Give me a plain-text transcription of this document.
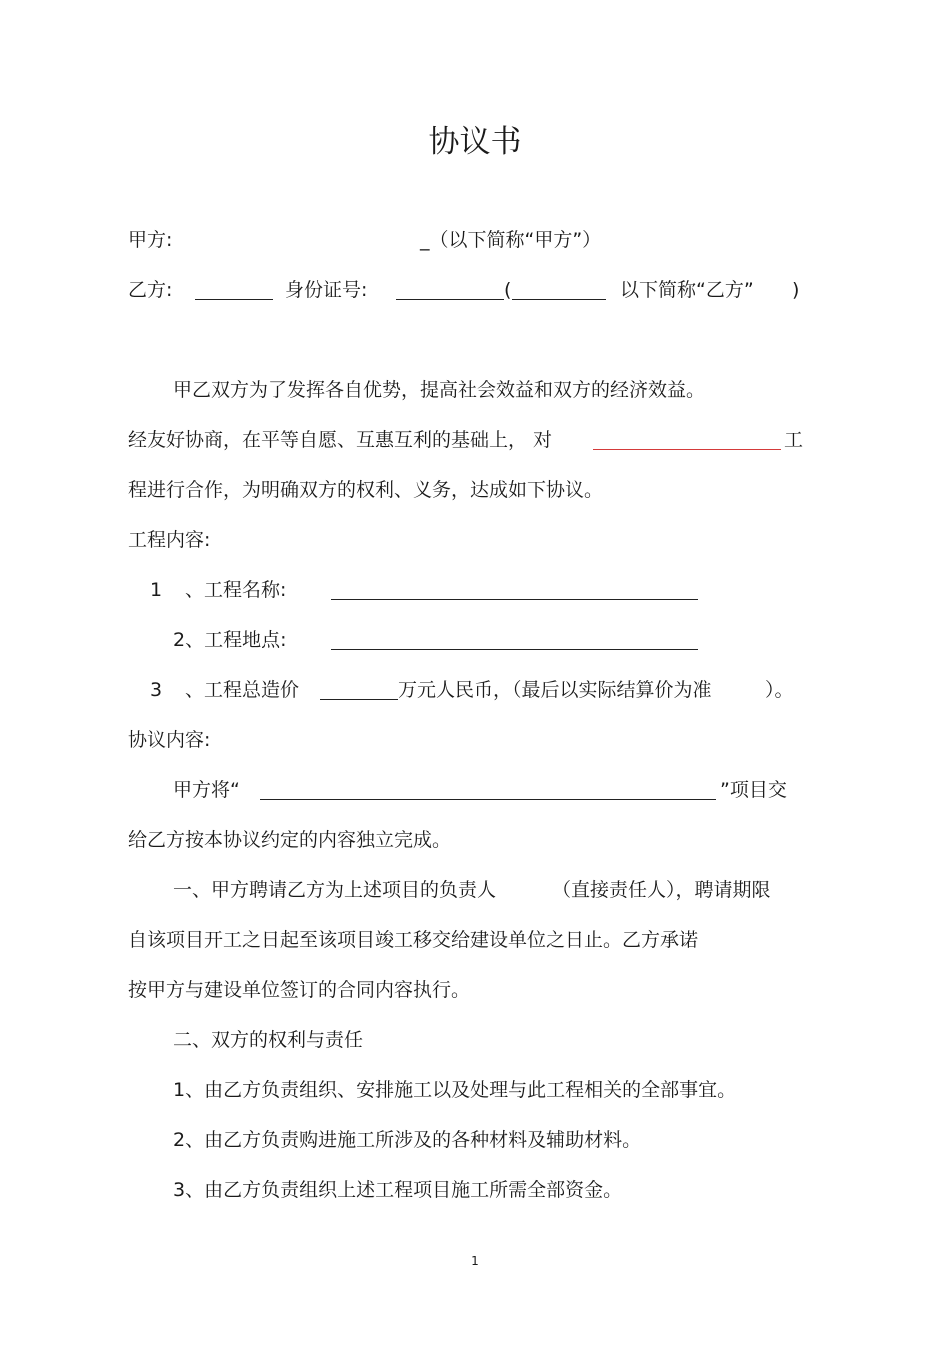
协议书
甲方:	_（以下简称“甲方”）
乙方:	身份证号:	(	以下简称“乙方” )
甲乙双方为了发挥各自优势，提高社会效益和双方的经济效益。
经友好协商，在平等自愿、互惠互利的基础上， 对	工
程进行合作，为明确双方的权利、义务，达成如下协议。
工程内容:
1 、工程名称:
2、工程地点:
3 、工程总造价	万元人民币，（最后以实际结算价为准	）。
协议内容:
甲方将“	”项目交
给乙方按本协议约定的内容独立完成。
一、甲方聘请乙方为上述项目的负责人	（直接责任人），聘请期限
自该项目开工之日起至该项目竣工移交给建设单位之日止。乙方承诺
按甲方与建设单位签订的合同内容执行。
二、双方的权利与责任
1、由乙方负责组织、安排施工以及处理与此工程相关的全部事宜。
2、由乙方负责购进施工所涉及的各种材料及辅助材料。
3、由乙方负责组织上述工程项目施工所需全部资金。
1
